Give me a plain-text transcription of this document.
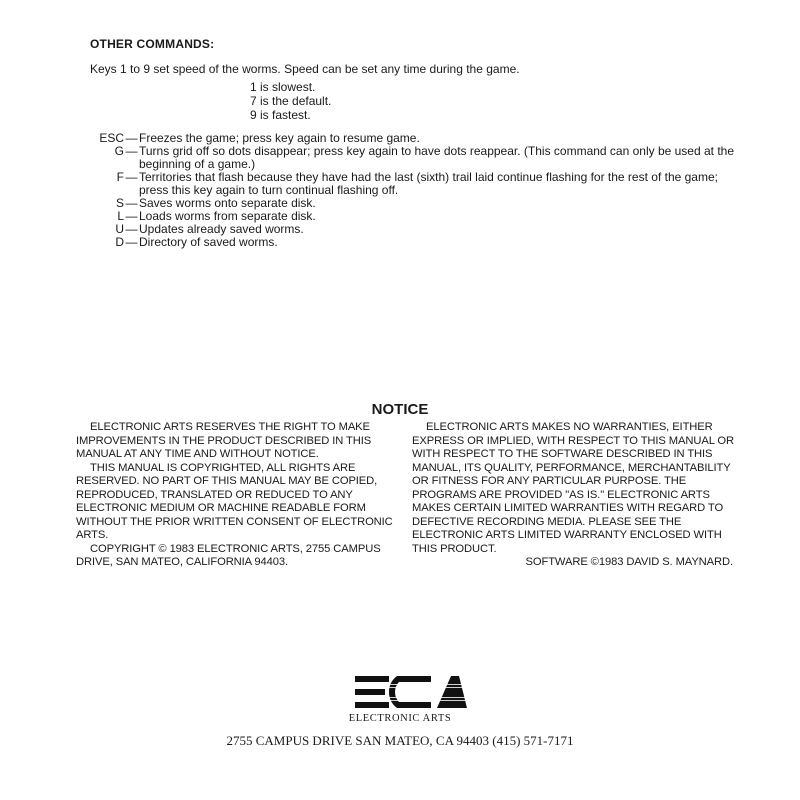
OTHER COMMANDS:
Keys 1 to 9 set speed of the worms. Speed can be set any time during the game.
1 is slowest.
7 is the default.
9 is fastest.
ESC — Freezes the game; press key again to resume game.
G — Turns grid off so dots disappear; press key again to have dots reappear. (This command can only be used at the beginning of a game.)
F — Territories that flash because they have had the last (sixth) trail laid continue flashing for the rest of the game; press this key again to turn continual flashing off.
S — Saves worms onto separate disk.
L — Loads worms from separate disk.
U — Updates already saved worms.
D — Directory of saved worms.
NOTICE

ELECTRONIC ARTS RESERVES THE RIGHT TO MAKE IMPROVEMENTS IN THE PRODUCT DESCRIBED IN THIS MANUAL AT ANY TIME AND WITHOUT NOTICE.

THIS MANUAL IS COPYRIGHTED, ALL RIGHTS ARE RESERVED. NO PART OF THIS MANUAL MAY BE COPIED, REPRODUCED, TRANSLATED OR REDUCED TO ANY ELECTRONIC MEDIUM OR MACHINE READABLE FORM WITHOUT THE PRIOR WRITTEN CONSENT OF ELECTRONIC ARTS.

COPYRIGHT © 1983 ELECTRONIC ARTS, 2755 CAMPUS DRIVE, SAN MATEO, CALIFORNIA 94403.

ELECTRONIC ARTS MAKES NO WARRANTIES, EITHER EXPRESS OR IMPLIED, WITH RESPECT TO THIS MANUAL OR WITH RESPECT TO THE SOFTWARE DESCRIBED IN THIS MANUAL, ITS QUALITY, PERFORMANCE, MERCHANTABILITY OR FITNESS FOR ANY PARTICULAR PURPOSE. THE PROGRAMS ARE PROVIDED "AS IS." ELECTRONIC ARTS MAKES CERTAIN LIMITED WARRANTIES WITH REGARD TO DEFECTIVE RECORDING MEDIA. PLEASE SEE THE ELECTRONIC ARTS LIMITED WARRANTY ENCLOSED WITH THIS PRODUCT.

SOFTWARE ©1983 DAVID S. MAYNARD.
ELECTRONIC ARTS
2755 CAMPUS DRIVE SAN MATEO, CA 94403 (415) 571-7171
